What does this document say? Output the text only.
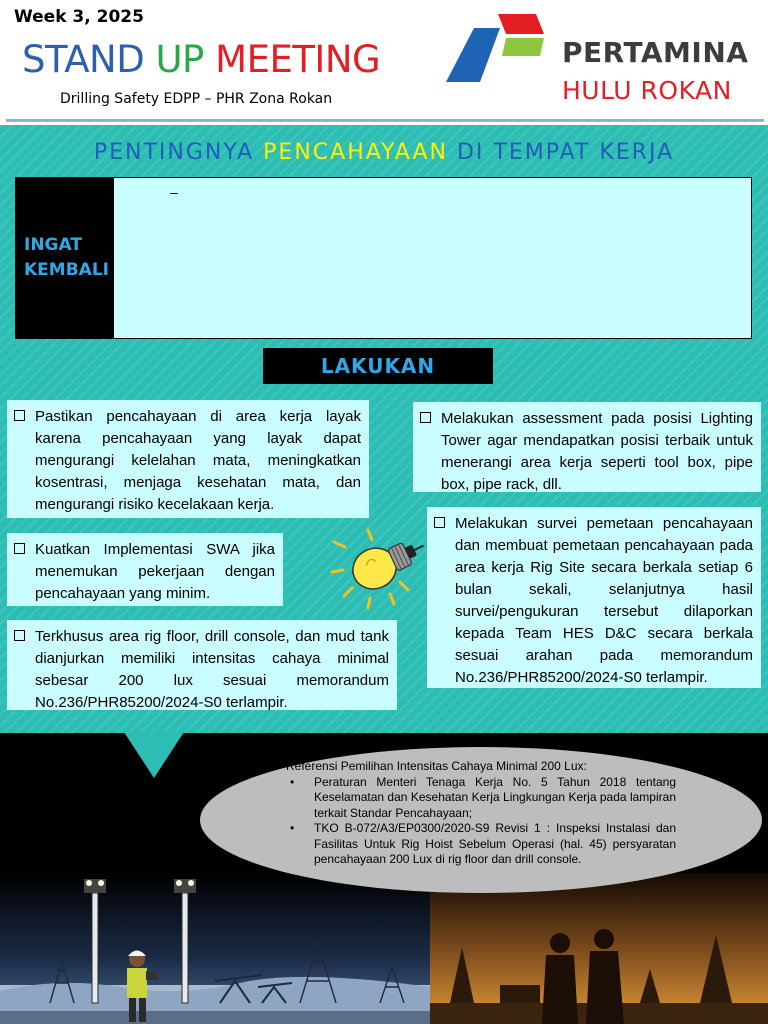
Week 3, 2025
STAND UP MEETING
Drilling Safety EDPP – PHR Zona Rokan
PERTAMINA
HULU ROKAN
PENTINGNYA PENCAHAYAAN DI TEMPAT KERJA
INGAT
KEMBALI
–
LAKUKAN
Pastikan pencahayaan di area kerja layak karena pencahayaan yang layak dapat mengurangi kelelahan mata, meningkatkan kosentrasi, menjaga kesehatan mata, dan mengurangi risiko kecelakaan kerja.
Kuatkan Implementasi SWA jika menemukan pekerjaan dengan pencahayaan yang minim.
Terkhusus area rig floor, drill console, dan mud tank dianjurkan memiliki intensitas cahaya minimal sebesar 200 lux sesuai memorandum No.236/PHR85200/2024-S0 terlampir.
Melakukan assessment pada posisi Lighting Tower agar mendapatkan posisi terbaik untuk menerangi area kerja seperti tool box, pipe box, pipe rack, dll.
Melakukan survei pemetaan pencahayaan dan membuat pemetaan pencahayaan pada area kerja Rig Site secara berkala setiap 6 bulan sekali, selanjutnya hasil survei/pengukuran tersebut dilaporkan kepada Team HES D&C secara berkala sesuai arahan pada memorandum No.236/PHR85200/2024-S0 terlampir.
Referensi Pemilihan Intensitas Cahaya Minimal 200 Lux:
• Peraturan Menteri Tenaga Kerja No. 5 Tahun 2018 tentang Keselamatan dan Kesehatan Kerja Lingkungan Kerja pada lampiran terkait Standar Pencahayaan;
• TKO B-072/A3/EP0300/2020-S9 Revisi 1 : Inspeksi Instalasi dan Fasilitas Untuk Rig Hoist Sebelum Operasi (hal. 45) persyaratan pencahayaan 200 Lux di rig floor dan drill console.
